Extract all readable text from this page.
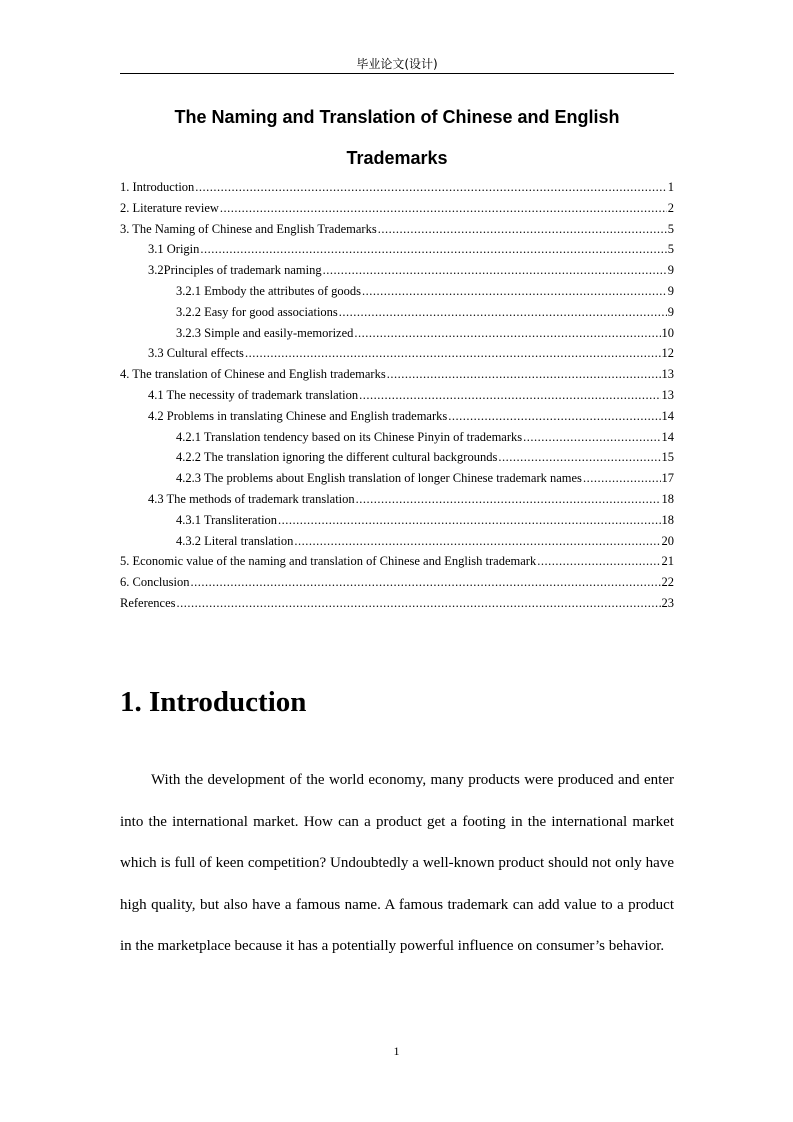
毕业论文(设计)
The Naming and Translation of Chinese and English
Trademarks
1. Introduction .....	1
2. Literature review .....	2
3. The Naming of Chinese and English Trademarks .....	5
3.1 Origin .....	5
3.2Principles of trademark naming .....	9
3.2.1 Embody the attributes of goods .....	9
3.2.2 Easy for good associations .....	9
3.2.3 Simple and easily-memorized .....	10
3.3 Cultural effects .....	12
4. The translation of Chinese and English trademarks .....	13
4.1 The necessity of trademark translation .....	13
4.2 Problems in translating Chinese and English trademarks .....	14
4.2.1 Translation tendency based on its Chinese Pinyin of trademarks .....	14
4.2.2 The translation ignoring the different cultural backgrounds .....	15
4.2.3 The problems about English translation of longer Chinese trademark names .....	17
4.3 The methods of trademark translation .....	18
4.3.1 Transliteration .....	18
4.3.2 Literal translation .....	20
5. Economic value of the naming and translation of Chinese and English trademark .....	21
6. Conclusion .....	22
References .....	23
1. Introduction

With the development of the world economy, many products were produced and enter into the international market. How can a product get a footing in the international market which is full of keen competition? Undoubtedly a well-known product should not only have high quality, but also have a famous name. A famous trademark can add value to a product in the marketplace because it has a potentially powerful influence on consumer’s behavior.

1
